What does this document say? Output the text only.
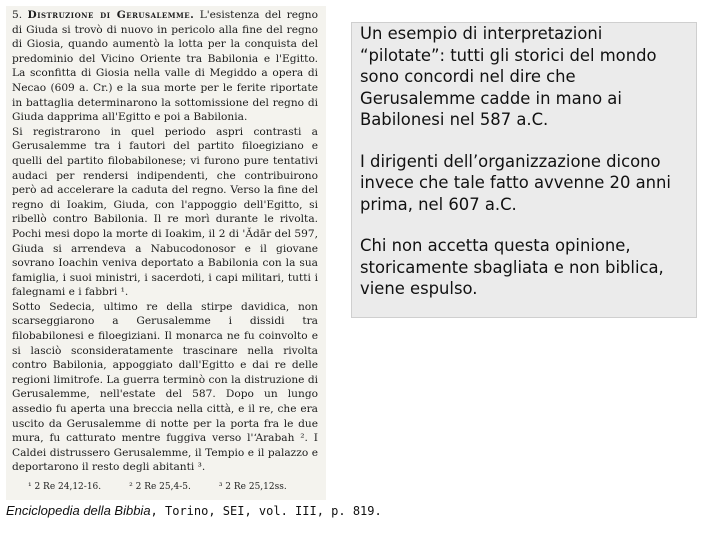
5. Distruzione di Gerusalemme. L'esistenza del regno di Giuda si trovò di nuovo in pericolo alla fine del regno di Giosia, quando aumentò la lotta per la conquista del predominio del Vicino Oriente tra Babilonia e l'Egitto. La sconfitta di Giosia nella valle di Megiddo a opera di Necao (609 a. Cr.) e la sua morte per le ferite riportate in battaglia determinarono la sottomissione del regno di Giuda dapprima all'Egitto e poi a Babilonia.

Si registrarono in quel periodo aspri contrasti a Gerusalemme tra i fautori del partito filoegiziano e quelli del partito filobabilonese; vi furono pure tentativi audaci per rendersi indipendenti, che contribuirono però ad accelerare la caduta del regno. Verso la fine del regno di Ioakim, Giuda, con l'appoggio dell'Egitto, si ribellò contro Babilonia. Il re morì durante le rivolta. Pochi mesi dopo la morte di Ioakim, il 2 di 'Ădār del 597, Giuda si arrendeva a Nabucodonosor e il giovane sovrano Ioachin veniva deportato a Babilonia con la sua famiglia, i suoi ministri, i sacerdoti, i capi militari, tutti i falegnami e i fabbri ¹.

Sotto Sedecia, ultimo re della stirpe davidica, non scarseggiarono a Gerusalemme i dissidi tra filobabilonesi e filoegiziani. Il monarca ne fu coinvolto e si lasciò sconsideratamente trascinare nella rivolta contro Babilonia, appoggiato dall'Egitto e dai re delle regioni limitrofe. La guerra terminò con la distruzione di Gerusalemme, nell'estate del 587. Dopo un lungo assedio fu aperta una breccia nella città, e il re, che era uscito da Gerusalemme di notte per la porta fra le due mura, fu catturato mentre fuggiva verso l'ʻArabah ². I Caldei distrussero Gerusalemme, il Tempio e il palazzo e deportarono il resto degli abitanti ³.

¹ 2 Re 24,12-16.	² 2 Re 25,4-5.	³ 2 Re 25,12ss.
Enciclopedia della Bibbia, Torino, SEI, vol. III, p. 819.

Un esempio di interpretazioni “pilotate”: tutti gli storici del mondo sono concordi nel dire che Gerusalemme cadde in mano ai Babilonesi nel 587 a.C.

I dirigenti dell’organizzazione dicono invece che tale fatto avvenne 20 anni prima, nel 607 a.C.

Chi non accetta questa opinione, storicamente sbagliata e non biblica, viene espulso.
